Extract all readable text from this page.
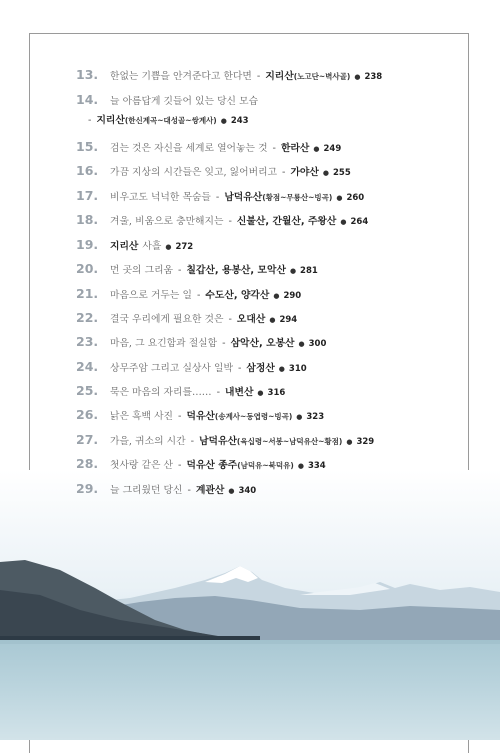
13. 한없는 기쁨을 안겨준다고 한다면 - 지리산(노고단~벽사골) ● 238
14. 늘 아름답게 깃들어 있는 당신 모습
- 지리산(한신계곡~대성골~쌍계사) ● 243
15. 검는 것은 자신을 세계로 열어놓는 것 - 한라산 ● 249
16. 가끔 지상의 시간들은 잊고, 잃어버리고 - 가야산 ● 255
17. 비우고도 넉넉한 목숨들 - 남덕유산(황점~무룡산~빙곡) ● 260
18. 겨울, 비움으로 충만해지는 - 신불산, 간월산, 주왕산 ● 264
19. 지리산 사흘 ● 272
20. 먼 곳의 그리움 - 칠갑산, 용봉산, 모악산 ● 281
21. 마음으로 거두는 일 - 수도산, 양각산 ● 290
22. 결국 우리에게 필요한 것은 - 오대산 ● 294
23. 마음, 그 요긴함과 절실함 - 삼악산, 오봉산 ● 300
24. 상무주암 그리고 실상사 일박 - 삼정산 ● 310
25. 묵은 마음의 자리를…… - 내변산 ● 316
26. 낡은 흑백 사진 - 덕유산(송계사~동엽령~빙곡) ● 323
27. 가을, 귀소의 시간 - 남덕유산(육십령~서봉~남덕유산~황점) ● 329
28. 첫사랑 같은 산 - 덕유산 종주(남덕유~북덕유) ● 334
29. 늘 그리웠던 당신 - 계관산 ● 340
